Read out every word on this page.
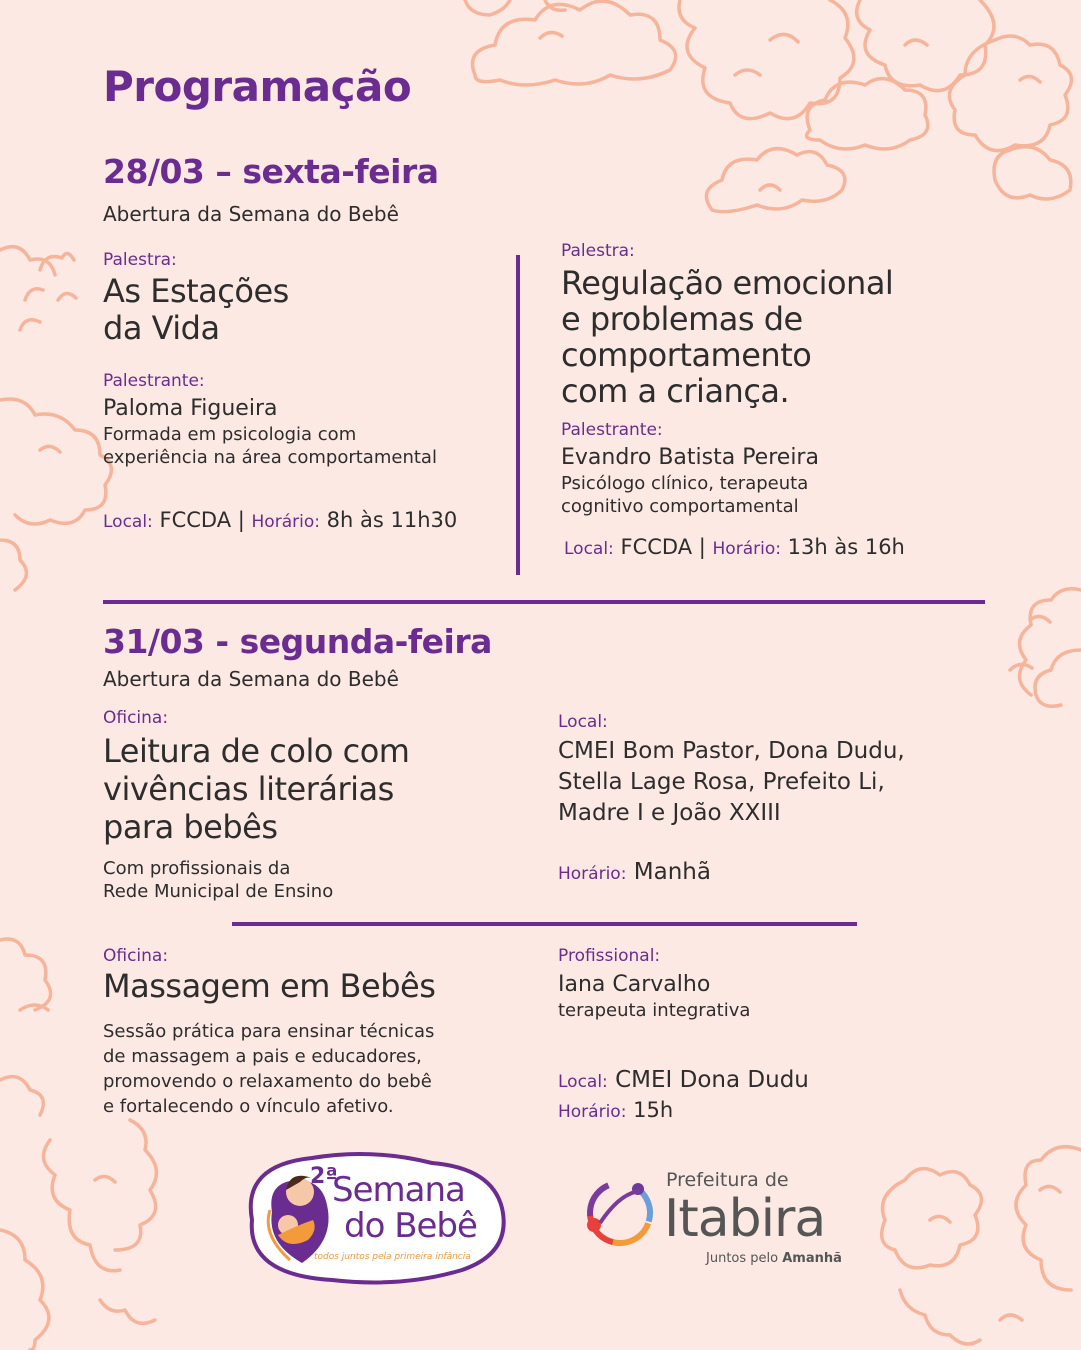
Programação
28/03 – sexta-feira
Abertura da Semana do Bebê
Palestra:
As Estações
da Vida
Palestrante:
Paloma Figueira
Formada em psicologia com
experiência na área comportamental
Local: FCCDA | Horário: 8h às 11h30
Palestra:
Regulação emocional
e problemas de
comportamento
com a criança.
Palestrante:
Evandro Batista Pereira
Psicólogo clínico, terapeuta
cognitivo comportamental
Local: FCCDA | Horário: 13h às 16h
31/03 - segunda-feira
Abertura da Semana do Bebê
Oficina:
Leitura de colo com
vivências literárias
para bebês
Com profissionais da
Rede Municipal de Ensino
Local:
CMEI Bom Pastor, Dona Dudu,
Stella Lage Rosa, Prefeito Li,
Madre I e João XXIII
Horário: Manhã
Oficina:
Massagem em Bebês
Sessão prática para ensinar técnicas
de massagem a pais e educadores,
promovendo o relaxamento do bebê
e fortalecendo o vínculo afetivo.
Profissional:
Iana Carvalho
terapeuta integrativa
Local: CMEI Dona Dudu
Horário: 15h
2ª
Semana
do Bebê
todos juntos pela primeira infância
Prefeitura de
Itabira
Juntos pelo Amanhã
